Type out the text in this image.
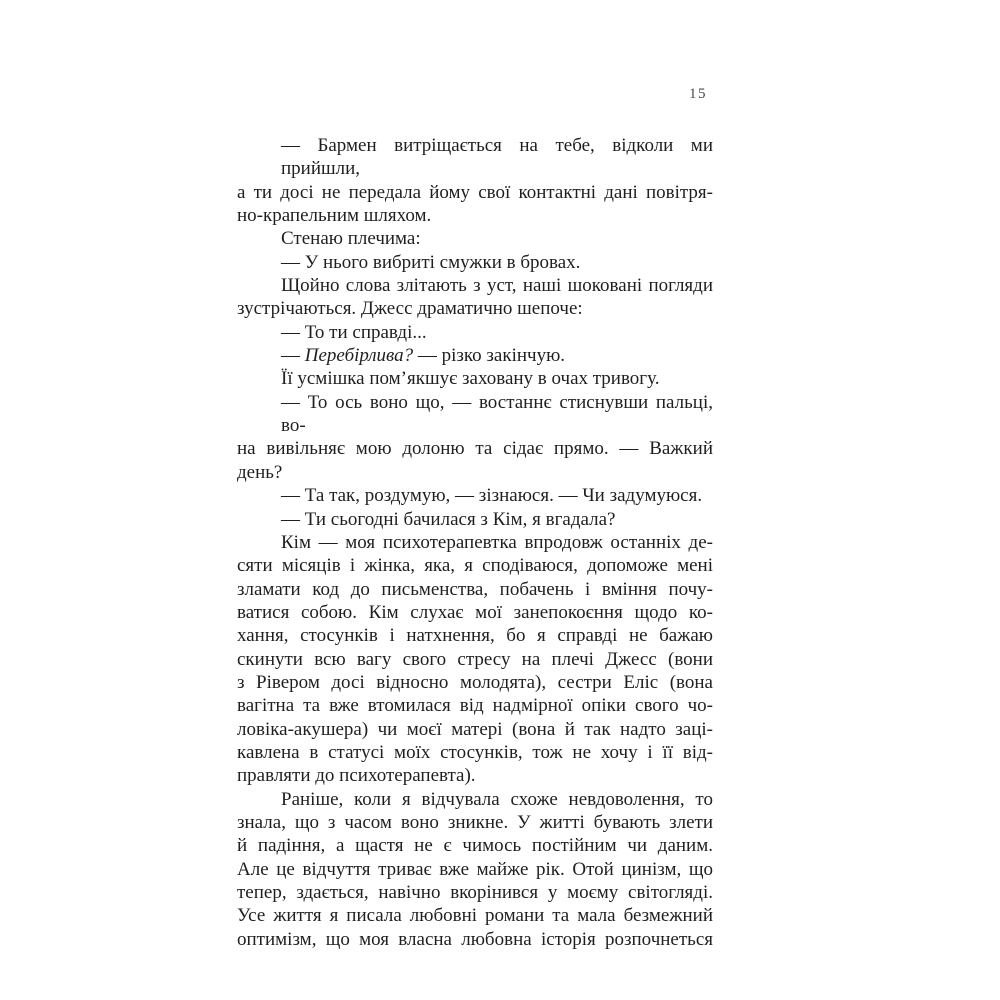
15
— Бармен витріщається на тебе, відколи ми прийшли,
а ти досі не передала йому свої контактні дані повітря-
но-крапельним шляхом.
Стенаю плечима:
— У нього вибриті смужки в бровах.
Щойно слова злітають з уст, наші шоковані погляди
зустрічаються. Джесс драматично шепоче:
— То ти справді...
— Перебірлива? — різко закінчую.
Її усмішка пом’якшує заховану в очах тривогу.
— То ось воно що, — востаннє стиснувши пальці, во-
на вивільняє мою долоню та сідає прямо. — Важкий день?
— Та так, роздумую, — зізнаюся. — Чи задумуюся.
— Ти сьогодні бачилася з Кім, я вгадала?
Кім — моя психотерапевтка впродовж останніх де-
сяти місяців і жінка, яка, я сподіваюся, допоможе мені
зламати код до письменства, побачень і вміння почу-
ватися собою. Кім слухає мої занепокоєння щодо ко-
хання, стосунків і натхнення, бо я справді не бажаю
скинути всю вагу свого стресу на плечі Джесс (вони
з Рівером досі відносно молодята), сестри Еліс (вона
вагітна та вже втомилася від надмірної опіки свого чо-
ловіка-акушера) чи моєї матері (вона й так надто заці-
кавлена в статусі моїх стосунків, тож не хочу і її від-
правляти до психотерапевта).
Раніше, коли я відчувала схоже невдоволення, то
знала, що з часом воно зникне. У житті бувають злети
й падіння, а щастя не є чимось постійним чи даним.
Але це відчуття триває вже майже рік. Отой цинізм, що
тепер, здається, навічно вкорінився у моєму світогляді.
Усе життя я писала любовні романи та мала безмежний
оптимізм, що моя власна любовна історія розпочнеться
